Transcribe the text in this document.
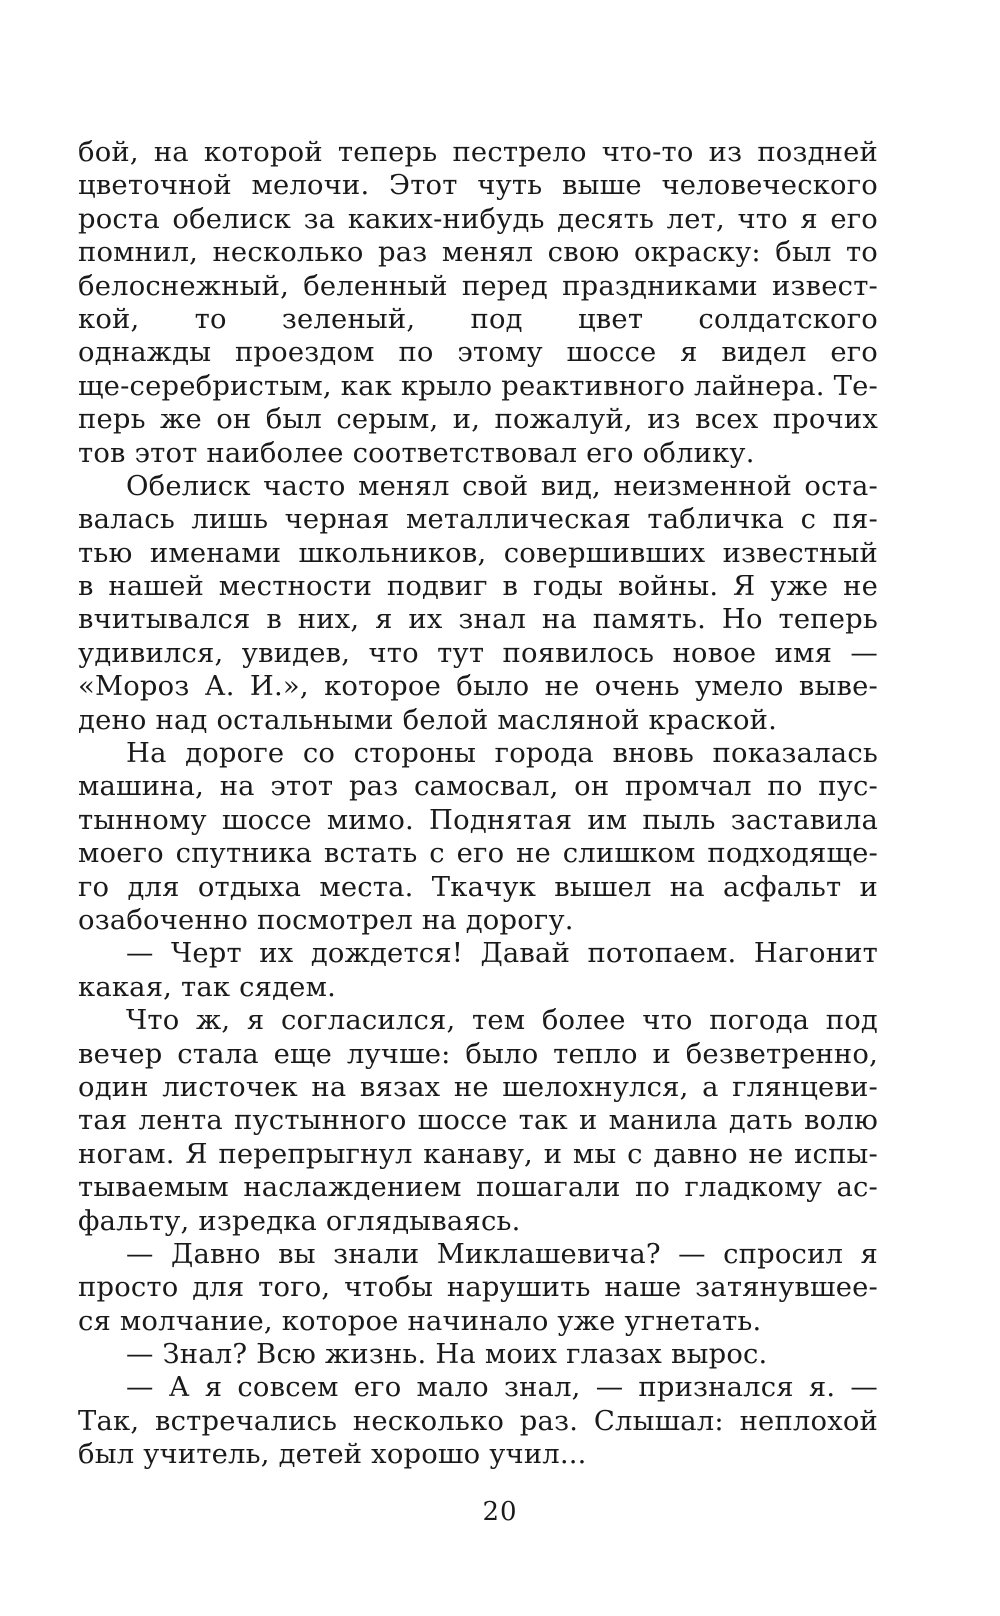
бой, на которой теперь пестрело что-то из поздней
цветочной мелочи. Этот чуть выше человеческого
роста обелиск за каких-нибудь десять лет, что я его
помнил, несколько раз менял свою окраску: был то
белоснежный, беленный перед праздниками извест-
кой, то зеленый, под цвет солдатского
однажды проездом по этому шоссе я видел его
ще-серебристым, как крыло реактивного лайнера. Те-
перь же он был серым, и, пожалуй, из всех прочих
тов этот наиболее соответствовал его облику.
Обелиск часто менял свой вид, неизменной оста-
валась лишь черная металлическая табличка с пя-
тью именами школьников, совершивших известный
в нашей местности подвиг в годы войны. Я уже не
вчитывался в них, я их знал на память. Но теперь
удивился, увидев, что тут появилось новое имя —
«Мороз А. И.», которое было не очень умело выве-
дено над остальными белой масляной краской.
На дороге со стороны города вновь показалась
машина, на этот раз самосвал, он промчал по пус-
тынному шоссе мимо. Поднятая им пыль заставила
моего спутника встать с его не слишком подходяще-
го для отдыха места. Ткачук вышел на асфальт и
озабоченно посмотрел на дорогу.
— Черт их дождется! Давай потопаем. Нагонит
какая, так сядем.
Что ж, я согласился, тем более что погода под
вечер стала еще лучше: было тепло и безветренно,
один листочек на вязах не шелохнулся, а глянцеви-
тая лента пустынного шоссе так и манила дать волю
ногам. Я перепрыгнул канаву, и мы с давно не испы-
тываемым наслаждением пошагали по гладкому ас-
фальту, изредка оглядываясь.
— Давно вы знали Миклашевича? — спросил я
просто для того, чтобы нарушить наше затянувшее-
ся молчание, которое начинало уже угнетать.
— Знал? Всю жизнь. На моих глазах вырос.
— А я совсем его мало знал, — признался я. —
Так, встречались несколько раз. Слышал: неплохой
был учитель, детей хорошо учил...
20
